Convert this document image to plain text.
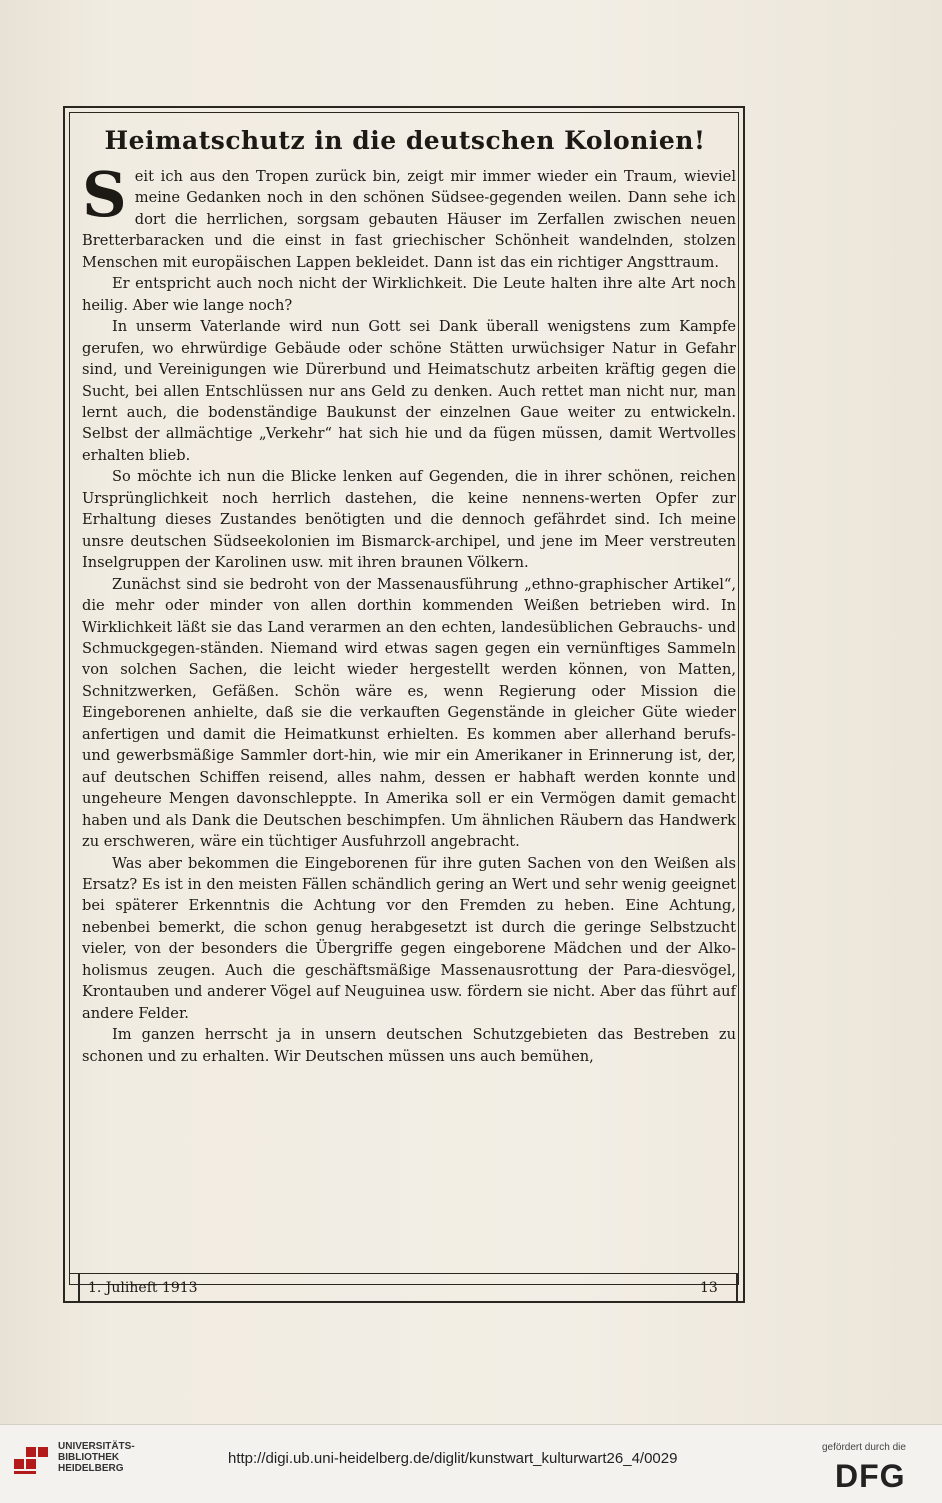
Heimatschutz in die deutschen Kolonien!

Seit ich aus den Tropen zurück bin, zeigt mir immer wieder ein Traum, wieviel meine Gedanken noch in den schönen Südsee-gegenden weilen. Dann sehe ich dort die herrlichen, sorgsam gebauten Häuser im Zerfallen zwischen neuen Bretterbaracken und die einst in fast griechischer Schönheit wandelnden, stolzen Menschen mit europäischen Lappen bekleidet. Dann ist das ein richtiger Angsttraum.

Er entspricht auch noch nicht der Wirklichkeit. Die Leute halten ihre alte Art noch heilig. Aber wie lange noch?

In unserm Vaterlande wird nun Gott sei Dank überall wenigstens zum Kampfe gerufen, wo ehrwürdige Gebäude oder schöne Stätten urwüchsiger Natur in Gefahr sind, und Vereinigungen wie Dürerbund und Heimatschutz arbeiten kräftig gegen die Sucht, bei allen Entschlüssen nur ans Geld zu denken. Auch rettet man nicht nur, man lernt auch, die bodenständige Baukunst der einzelnen Gaue weiter zu entwickeln. Selbst der allmächtige „Verkehr“ hat sich hie und da fügen müssen, damit Wertvolles erhalten blieb.

So möchte ich nun die Blicke lenken auf Gegenden, die in ihrer schönen, reichen Ursprünglichkeit noch herrlich dastehen, die keine nennens-werten Opfer zur Erhaltung dieses Zustandes benötigten und die dennoch gefährdet sind. Ich meine unsre deutschen Südseekolonien im Bismarck-archipel, und jene im Meer verstreuten Inselgruppen der Karolinen usw. mit ihren braunen Völkern.

Zunächst sind sie bedroht von der Massenausführung „ethno-graphischer Artikel“, die mehr oder minder von allen dorthin kommenden Weißen betrieben wird. In Wirklichkeit läßt sie das Land verarmen an den echten, landesüblichen Gebrauchs- und Schmuckgegen-ständen. Niemand wird etwas sagen gegen ein vernünftiges Sammeln von solchen Sachen, die leicht wieder hergestellt werden können, von Matten, Schnitzwerken, Gefäßen. Schön wäre es, wenn Regierung oder Mission die Eingeborenen anhielte, daß sie die verkauften Gegenstände in gleicher Güte wieder anfertigen und damit die Heimatkunst erhielten. Es kommen aber allerhand berufs- und gewerbsmäßige Sammler dort-hin, wie mir ein Amerikaner in Erinnerung ist, der, auf deutschen Schiffen reisend, alles nahm, dessen er habhaft werden konnte und ungeheure Mengen davonschleppte. In Amerika soll er ein Vermögen damit gemacht haben und als Dank die Deutschen beschimpfen. Um ähnlichen Räubern das Handwerk zu erschweren, wäre ein tüchtiger Ausfuhrzoll angebracht.

Was aber bekommen die Eingeborenen für ihre guten Sachen von den Weißen als Ersatz? Es ist in den meisten Fällen schändlich gering an Wert und sehr wenig geeignet bei späterer Erkenntnis die Achtung vor den Fremden zu heben. Eine Achtung, nebenbei bemerkt, die schon genug herabgesetzt ist durch die geringe Selbstzucht vieler, von der besonders die Übergriffe gegen eingeborene Mädchen und der Alko-holismus zeugen. Auch die geschäftsmäßige Massenausrottung der Para-diesvögel, Krontauben und anderer Vögel auf Neuguinea usw. fördern sie nicht. Aber das führt auf andere Felder.

Im ganzen herrscht ja in unsern deutschen Schutzgebieten das Bestreben zu schonen und zu erhalten. Wir Deutschen müssen uns auch bemühen,

1. Juliheft 1913	13
UNIVERSITÄTS-
BIBLIOTHEK
HEIDELBERG
http://digi.ub.uni-heidelberg.de/diglit/kunstwart_kulturwart26_4/0029
gefördert durch die
DFG
